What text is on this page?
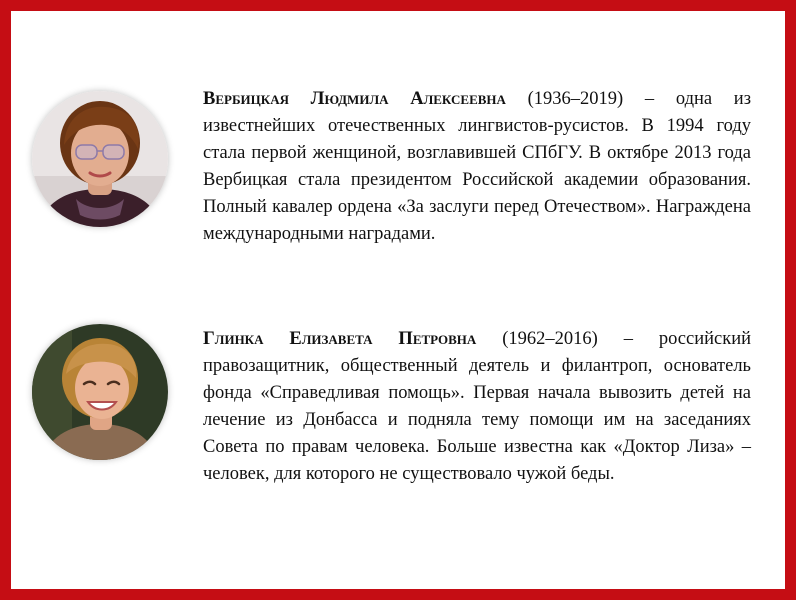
Вербицкая Людмила Алексеевна (1936–2019) – одна из известнейших отечественных лингвистов-русистов. В 1994 году стала первой женщиной, возглавившей СПбГУ. В октябре 2013 года Вербицкая стала президентом Российской академии образования. Полный кавалер ордена «За заслуги перед Отечеством». Награждена международными наградами.

Глинка Елизавета Петровна (1962–2016) – российский правозащитник, общественный деятель и филантроп, основатель фонда «Справедливая помощь». Первая начала вывозить детей на лечение из Донбасса и подняла тему помощи им на заседаниях Совета по правам человека. Больше известна как «Доктор Лиза» – человек, для которого не существовало чужой беды.
